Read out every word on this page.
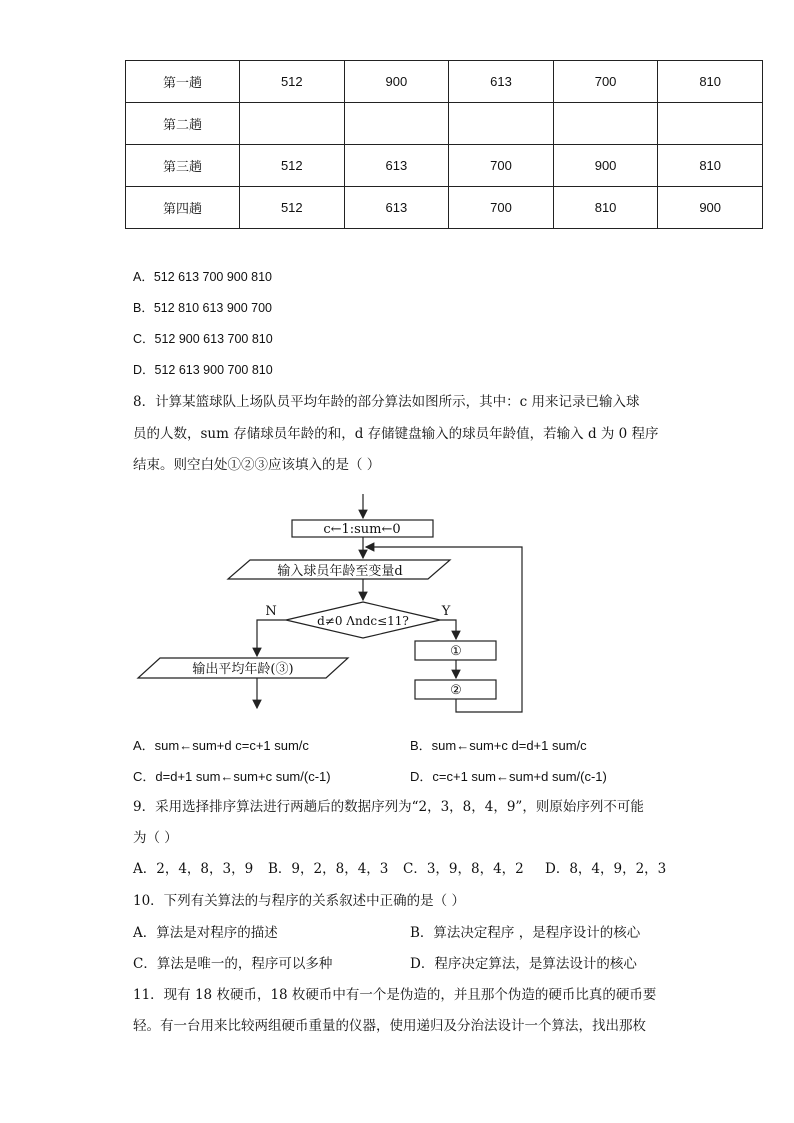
第一趟	512	900	613	700	810
第二趟					
第三趟	512	613	700	900	810
第四趟	512	613	700	810	900
A．512 613 700 900 810
B．512 810 613 900 700
C．512 900 613 700 810
D．512 613 900 700 810
8．计算某篮球队上场队员平均年龄的部分算法如图所示，其中：c 用来记录已输入球
员的人数，sum 存储球员年龄的和，d 存储键盘输入的球员年龄值，若输入 d 为 0 程序
结束。则空白处①②③应该填入的是（ ）
c←1:sum←0
输入球员年龄至变量d
d≠0 Λndc≤11?
N	Y
①
②
输出平均年龄(③)
A．sum←sum+d c=c+1 sum/c	B．sum←sum+c d=d+1 sum/c
C．d=d+1 sum←sum+c sum/(c-1)	D．c=c+1 sum←sum+d sum/(c-1)
9．采用选择排序算法进行两趟后的数据序列为“2，3，8，4，9”，则原始序列不可能
为（ ）
A．2，4，8，3，9 B．9，2，8，4，3 C．3，9，8，4，2 D．8，4，9，2，3
10．下列有关算法的与程序的关系叙述中正确的是（ ）
A．算法是对程序的描述	B．算法决定程序 ，是程序设计的核心
C．算法是唯一的，程序可以多种	D．程序决定算法，是算法设计的核心
11．现有 18 枚硬币，18 枚硬币中有一个是伪造的，并且那个伪造的硬币比真的硬币要
轻。有一台用来比较两组硬币重量的仪器，使用递归及分治法设计一个算法，找出那枚
